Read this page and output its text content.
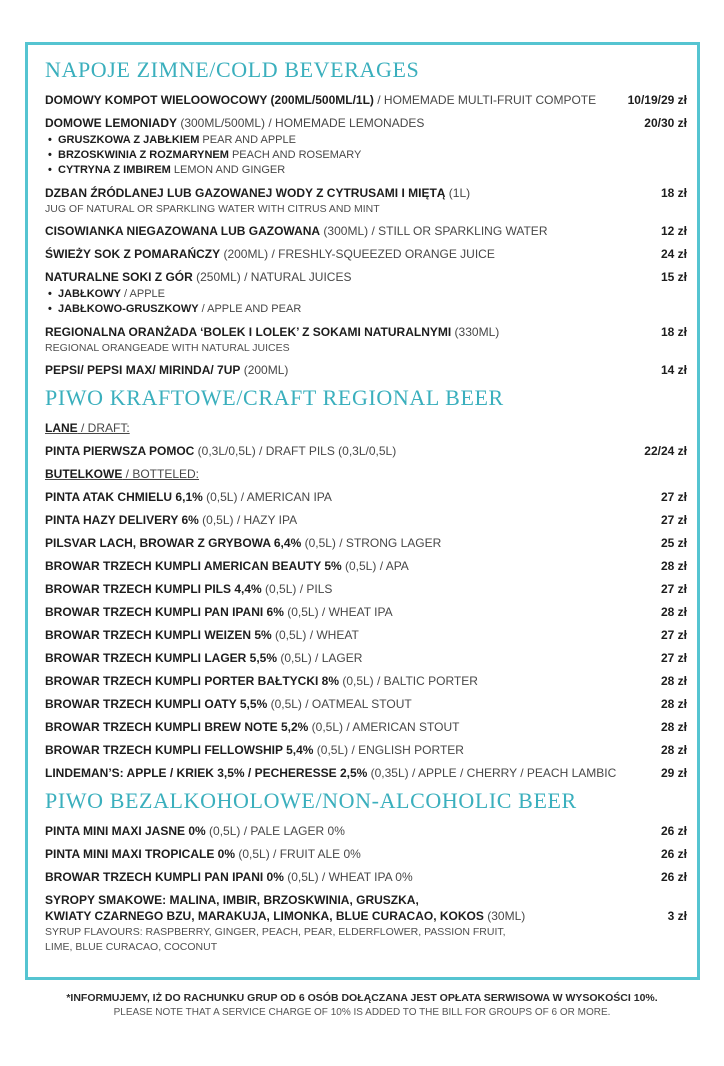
NAPOJE ZIMNE/COLD BEVERAGES
DOMOWY KOMPOT WIELOOWOCOWY (200ML/500ML/1L) / HOMEMADE MULTI-FRUIT COMPOTE	10/19/29 zł
DOMOWE LEMONIADY (300ML/500ML) / HOMEMADE LEMONADES	20/30 zł
• GRUSZKOWA Z JABŁKIEM PEAR AND APPLE
• BRZOSKWINIA Z ROZMARYNEM PEACH AND ROSEMARY
• CYTRYNA Z IMBIREM LEMON AND GINGER
DZBAN ŹRÓDLANEJ LUB GAZOWANEJ WODY Z CYTRUSAMI I MIĘTĄ (1L)	18 zł
JUG OF NATURAL OR SPARKLING WATER WITH CITRUS AND MINT
CISOWIANKA NIEGAZOWANA LUB GAZOWANA (300ML) / STILL OR SPARKLING WATER	12 zł
ŚWIEŻY SOK Z POMARAŃCZY (200ML) / FRESHLY-SQUEEZED ORANGE JUICE	24 zł
NATURALNE SOKI Z GÓR (250ML) / NATURAL JUICES	15 zł
• JABŁKOWY / APPLE
• JABŁKOWO-GRUSZKOWY / APPLE AND PEAR
REGIONALNA ORANŻADA ‘BOLEK I LOLEK’ Z SOKAMI NATURALNYMI (330ML)	18 zł
REGIONAL ORANGEADE WITH NATURAL JUICES
PEPSI/ PEPSI MAX/ MIRINDA/ 7UP (200ML)	14 zł
PIWO KRAFTOWE/CRAFT REGIONAL BEER
LANE / DRAFT:
PINTA PIERWSZA POMOC (0,3L/0,5L) / DRAFT PILS (0,3L/0,5L)	22/24 zł
BUTELKOWE / BOTTELED:
PINTA ATAK CHMIELU 6,1% (0,5L) / AMERICAN IPA	27 zł
PINTA HAZY DELIVERY 6% (0,5L) / HAZY IPA	27 zł
PILSVAR LACH, BROWAR Z GRYBOWA 6,4% (0,5L) / STRONG LAGER	25 zł
BROWAR TRZECH KUMPLI AMERICAN BEAUTY 5% (0,5L) / APA	28 zł
BROWAR TRZECH KUMPLI PILS 4,4% (0,5L) / PILS	27 zł
BROWAR TRZECH KUMPLI PAN IPANI 6% (0,5L) / WHEAT IPA	28 zł
BROWAR TRZECH KUMPLI WEIZEN 5% (0,5L) / WHEAT	27 zł
BROWAR TRZECH KUMPLI LAGER 5,5% (0,5L) / LAGER	27 zł
BROWAR TRZECH KUMPLI PORTER BAŁTYCKI 8% (0,5L) / BALTIC PORTER	28 zł
BROWAR TRZECH KUMPLI OATY 5,5% (0,5L) / OATMEAL STOUT	28 zł
BROWAR TRZECH KUMPLI BREW NOTE 5,2% (0,5L) / AMERICAN STOUT	28 zł
BROWAR TRZECH KUMPLI FELLOWSHIP 5,4% (0,5L) / ENGLISH PORTER	28 zł
LINDEMAN’S: APPLE / KRIEK 3,5% / PECHERESSE 2,5% (0,35L) / APPLE / CHERRY / PEACH LAMBIC	29 zł
PIWO BEZALKOHOLOWE/NON-ALCOHOLIC BEER
PINTA MINI MAXI JASNE 0% (0,5L) / PALE LAGER 0%	26 zł
PINTA MINI MAXI TROPICALE 0% (0,5L) / FRUIT ALE 0%	26 zł
BROWAR TRZECH KUMPLI PAN IPANI 0% (0,5L) / WHEAT IPA 0%	26 zł
SYROPY SMAKOWE: MALINA, IMBIR, BRZOSKWINIA, GRUSZKA,
KWIATY CZARNEGO BZU, MARAKUJA, LIMONKA, BLUE CURACAO, KOKOS (30ML)	3 zł
SYRUP FLAVOURS: RASPBERRY, GINGER, PEACH, PEAR, ELDERFLOWER, PASSION FRUIT,
LIME, BLUE CURACAO, COCONUT
*INFORMUJEMY, IŻ DO RACHUNKU GRUP OD 6 OSÓB DOŁĄCZANA JEST OPŁATA SERWISOWA W WYSOKOŚCI 10%.
PLEASE NOTE THAT A SERVICE CHARGE OF 10% IS ADDED TO THE BILL FOR GROUPS OF 6 OR MORE.
